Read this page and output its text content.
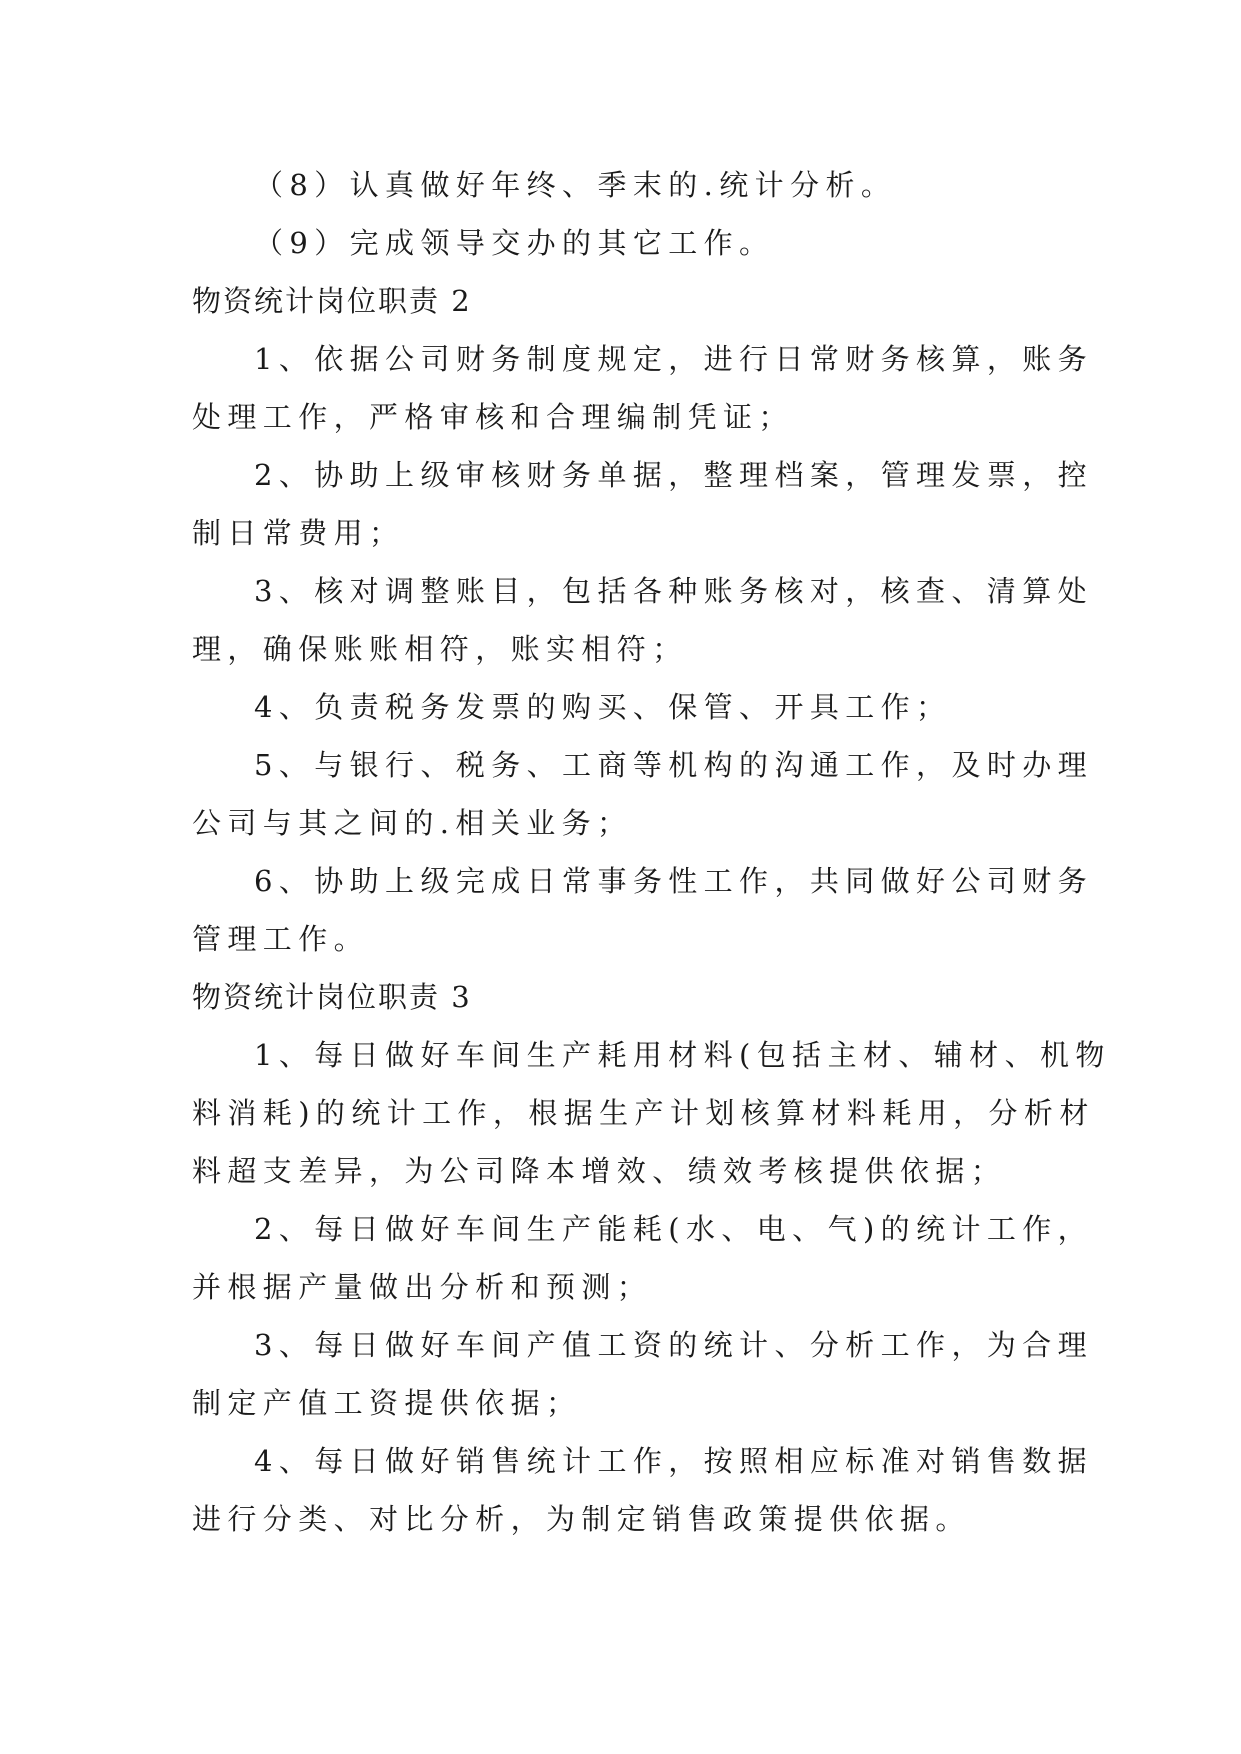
（8）认真做好年终、季末的.统计分析。

（9）完成领导交办的其它工作。

物资统计岗位职责 2

1、依据公司财务制度规定，进行日常财务核算，账务

处理工作，严格审核和合理编制凭证；

2、协助上级审核财务单据，整理档案，管理发票，控

制日常费用；

3、核对调整账目，包括各种账务核对，核查、清算处

理，确保账账相符，账实相符；

4、负责税务发票的购买、保管、开具工作；

5、与银行、税务、工商等机构的沟通工作，及时办理

公司与其之间的.相关业务；

6、协助上级完成日常事务性工作，共同做好公司财务

管理工作。

物资统计岗位职责 3

1、每日做好车间生产耗用材料(包括主材、辅材、机物

料消耗)的统计工作，根据生产计划核算材料耗用，分析材

料超支差异，为公司降本增效、绩效考核提供依据；

2、每日做好车间生产能耗(水、电、气)的统计工作，

并根据产量做出分析和预测；

3、每日做好车间产值工资的统计、分析工作，为合理

制定产值工资提供依据；

4、每日做好销售统计工作，按照相应标准对销售数据

进行分类、对比分析，为制定销售政策提供依据。
